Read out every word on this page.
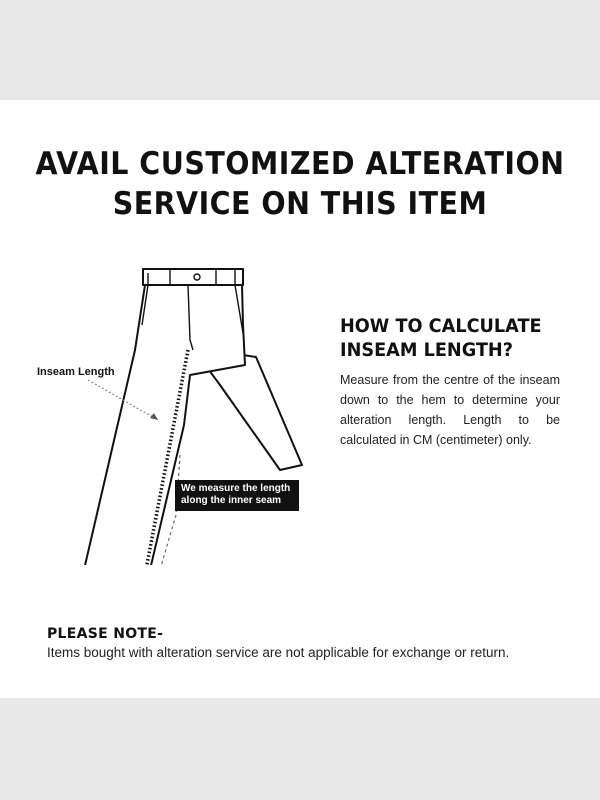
AVAIL CUSTOMIZED ALTERATION
SERVICE ON THIS ITEM
Inseam Length
We measure the length
along the inner seam
HOW TO CALCULATE
INSEAM LENGTH?
Measure from the centre of the inseam down to the hem to determine your alteration length. Length to be calculated in CM (centimeter) only.
PLEASE NOTE-
Items bought with alteration service are not applicable for exchange or return.
